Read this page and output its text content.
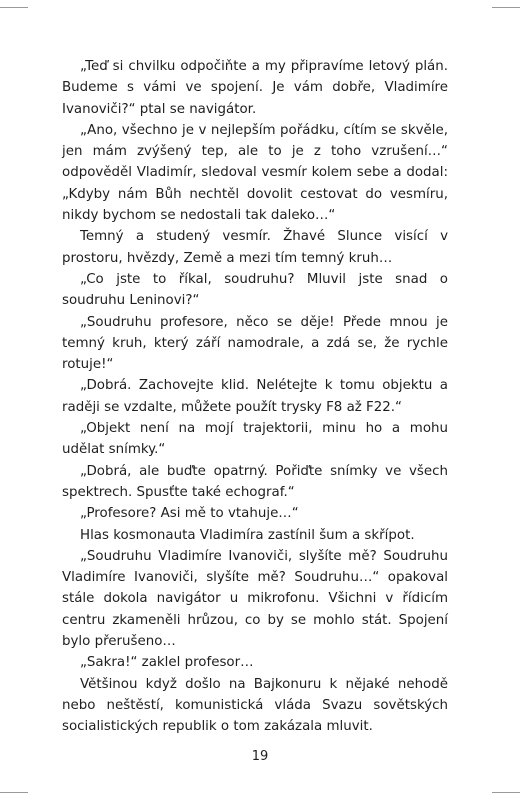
„Teď si chvilku odpočiňte a my připravíme letový plán. Budeme s vámi ve spojení. Je vám dobře, Vladimíre Ivanoviči?“ ptal se navigátor.

„Ano, všechno je v nejlepším pořádku, cítím se skvěle, jen mám zvýšený tep, ale to je z toho vzrušení…“ odpověděl Vladimír, sledoval vesmír kolem sebe a dodal: „Kdyby nám Bůh nechtěl dovolit cestovat do vesmíru, nikdy bychom se nedostali tak daleko…“

Temný a studený vesmír. Žhavé Slunce visící v prostoru, hvězdy, Země a mezi tím temný kruh…

„Co jste to říkal, soudruhu? Mluvil jste snad o soudruhu Leninovi?“

„Soudruhu profesore, něco se děje! Přede mnou je temný kruh, který září namodrale, a zdá se, že rychle rotuje!“

„Dobrá. Zachovejte klid. Nelétejte k tomu objektu a raději se vzdalte, můžete použít trysky F8 až F22.“

„Objekt není na mojí trajektorii, minu ho a mohu udělat snímky.“

„Dobrá, ale buďte opatrný. Pořiďte snímky ve všech spektrech. Spusťte také echograf.“

„Profesore? Asi mě to vtahuje…“

Hlas kosmonauta Vladimíra zastínil šum a skřípot.

„Soudruhu Vladimíre Ivanoviči, slyšíte mě? Soudruhu Vladimíre Ivanoviči, slyšíte mě? Soudruhu…“ opakoval stále dokola navigátor u mikrofonu. Všichni v řídicím centru zkameněli hrůzou, co by se mohlo stát. Spojení bylo přerušeno…

„Sakra!“ zaklel profesor…

Většinou když došlo na Bajkonuru k nějaké nehodě nebo neštěstí, komunistická vláda Svazu sovětských socialistických republik o tom zakázala mluvit.

19
